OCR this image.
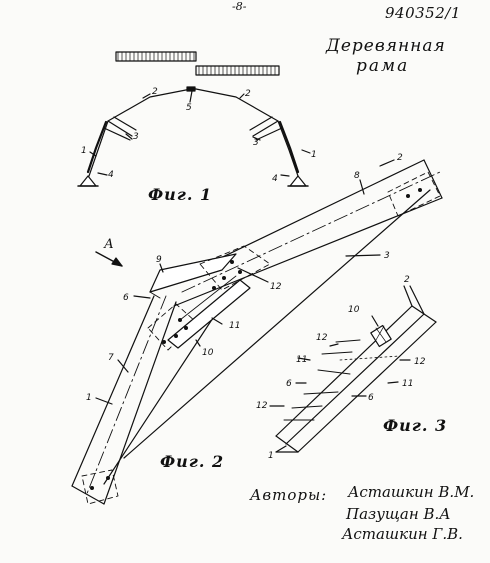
-8-	940352/1
Деревянная
рама
1
2
3
4
5
2
3
1
4
2
8
3
9
12
6
11
10
7
1
А
2
10
12
12
11
6	11
12
6
1
Фиг. 1
Фиг. 2
Фиг. 3
Авторы: Асташкин В.М.
Пазущан В.А
Асташкин Г.В.
